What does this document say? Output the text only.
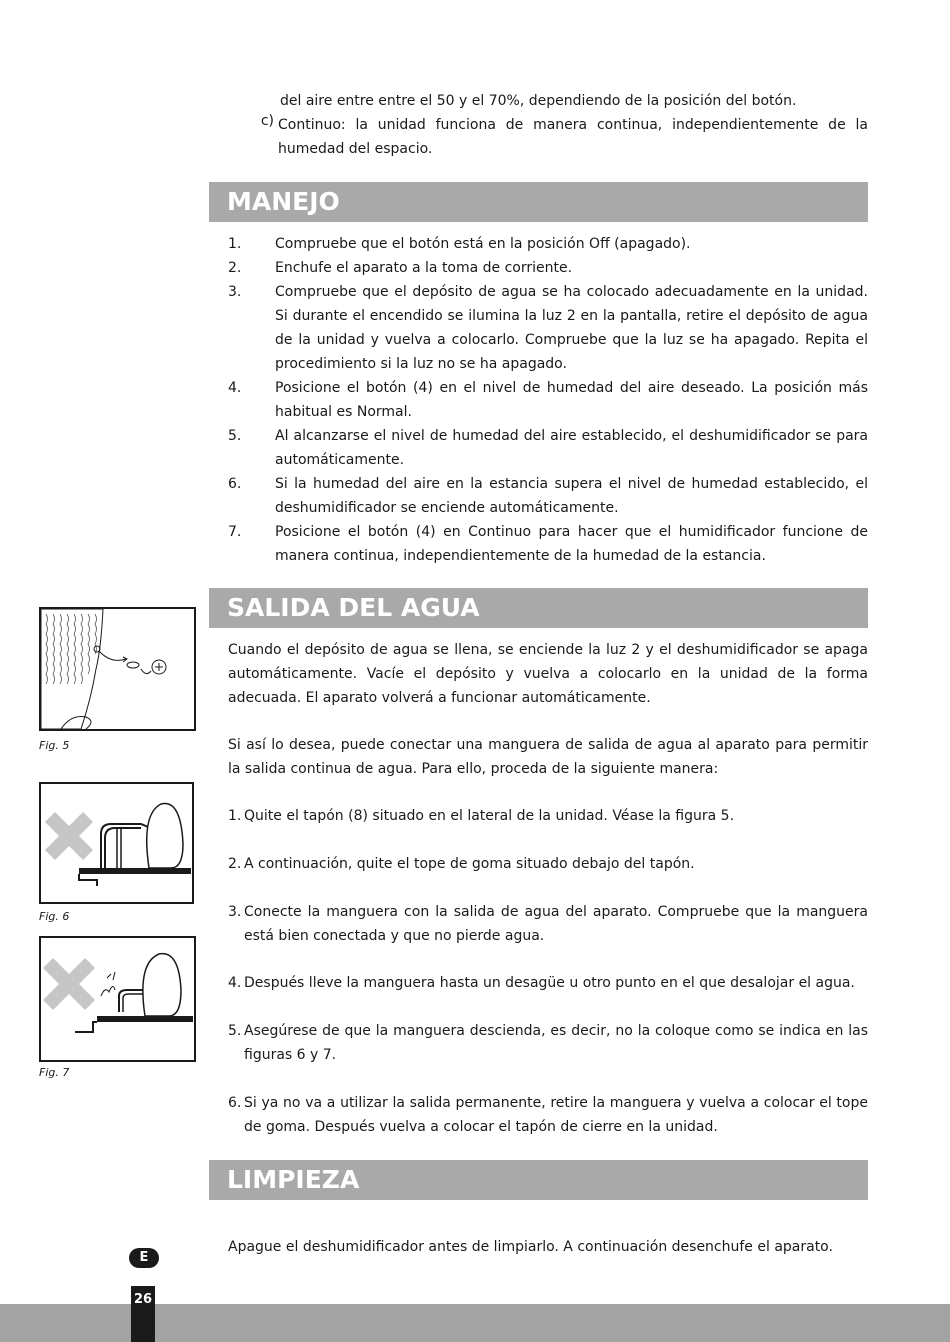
del aire entre entre el 50 y el 70%, dependiendo de la posición del botón.

c) Continuo: la unidad funciona de manera continua, independientemente de la humedad del espacio.

MANEJO
1.	Compruebe que el botón está en la posición Off (apagado).
2.	Enchufe el aparato a la toma de corriente.
3.	Compruebe que el depósito de agua se ha colocado adecuadamente en la unidad. Si durante el encendido se ilumina la luz 2 en la pantalla, retire el depósito de agua de la unidad y vuelva a colocarlo. Compruebe que la luz se ha apagado. Repita el procedimiento si la luz no se ha apagado.
4.	Posicione el botón (4) en el nivel de humedad del aire deseado. La posición más habitual es Normal.
5.	Al alcanzarse el nivel de humedad del aire establecido, el deshumidificador se para automáticamente.
6.	Si la humedad del aire en la estancia supera el nivel de humedad establecido, el deshumidificador se enciende automáticamente.
7.	Posicione el botón (4) en Continuo para hacer que el humidificador funcione de manera continua, independientemente de la humedad de la estancia.
SALIDA DEL AGUA

Cuando el depósito de agua se llena, se enciende la luz 2 y el deshumidificador se apaga automáticamente. Vacíe el depósito y vuelva a colocarlo en la unidad de la forma adecuada. El aparato volverá a funcionar automáticamente.

Si así lo desea, puede conectar una manguera de salida de agua al aparato para permitir la salida continua de agua. Para ello, proceda de la siguiente manera:

1. Quite el tapón (8) situado en el lateral de la unidad. Véase la figura 5.
2. A continuación, quite el tope de goma situado debajo del tapón.
3. Conecte la manguera con la salida de agua del aparato. Compruebe que la manguera está bien conectada y que no pierde agua.
4. Después lleve la manguera hasta un desagüe u otro punto en el que desalojar el agua.
5. Asegúrese de que la manguera descienda, es decir, no la coloque como se indica en las figuras 6 y 7.
6. Si ya no va a utilizar la salida permanente, retire la manguera y vuelva a colocar el tope de goma. Después vuelva a colocar el tapón de cierre en la unidad.
Fig. 5
Fig. 6
Fig. 7
LIMPIEZA

Apague el deshumidificador antes de limpiarlo. A continuación desenchufe el aparato.

E
26
